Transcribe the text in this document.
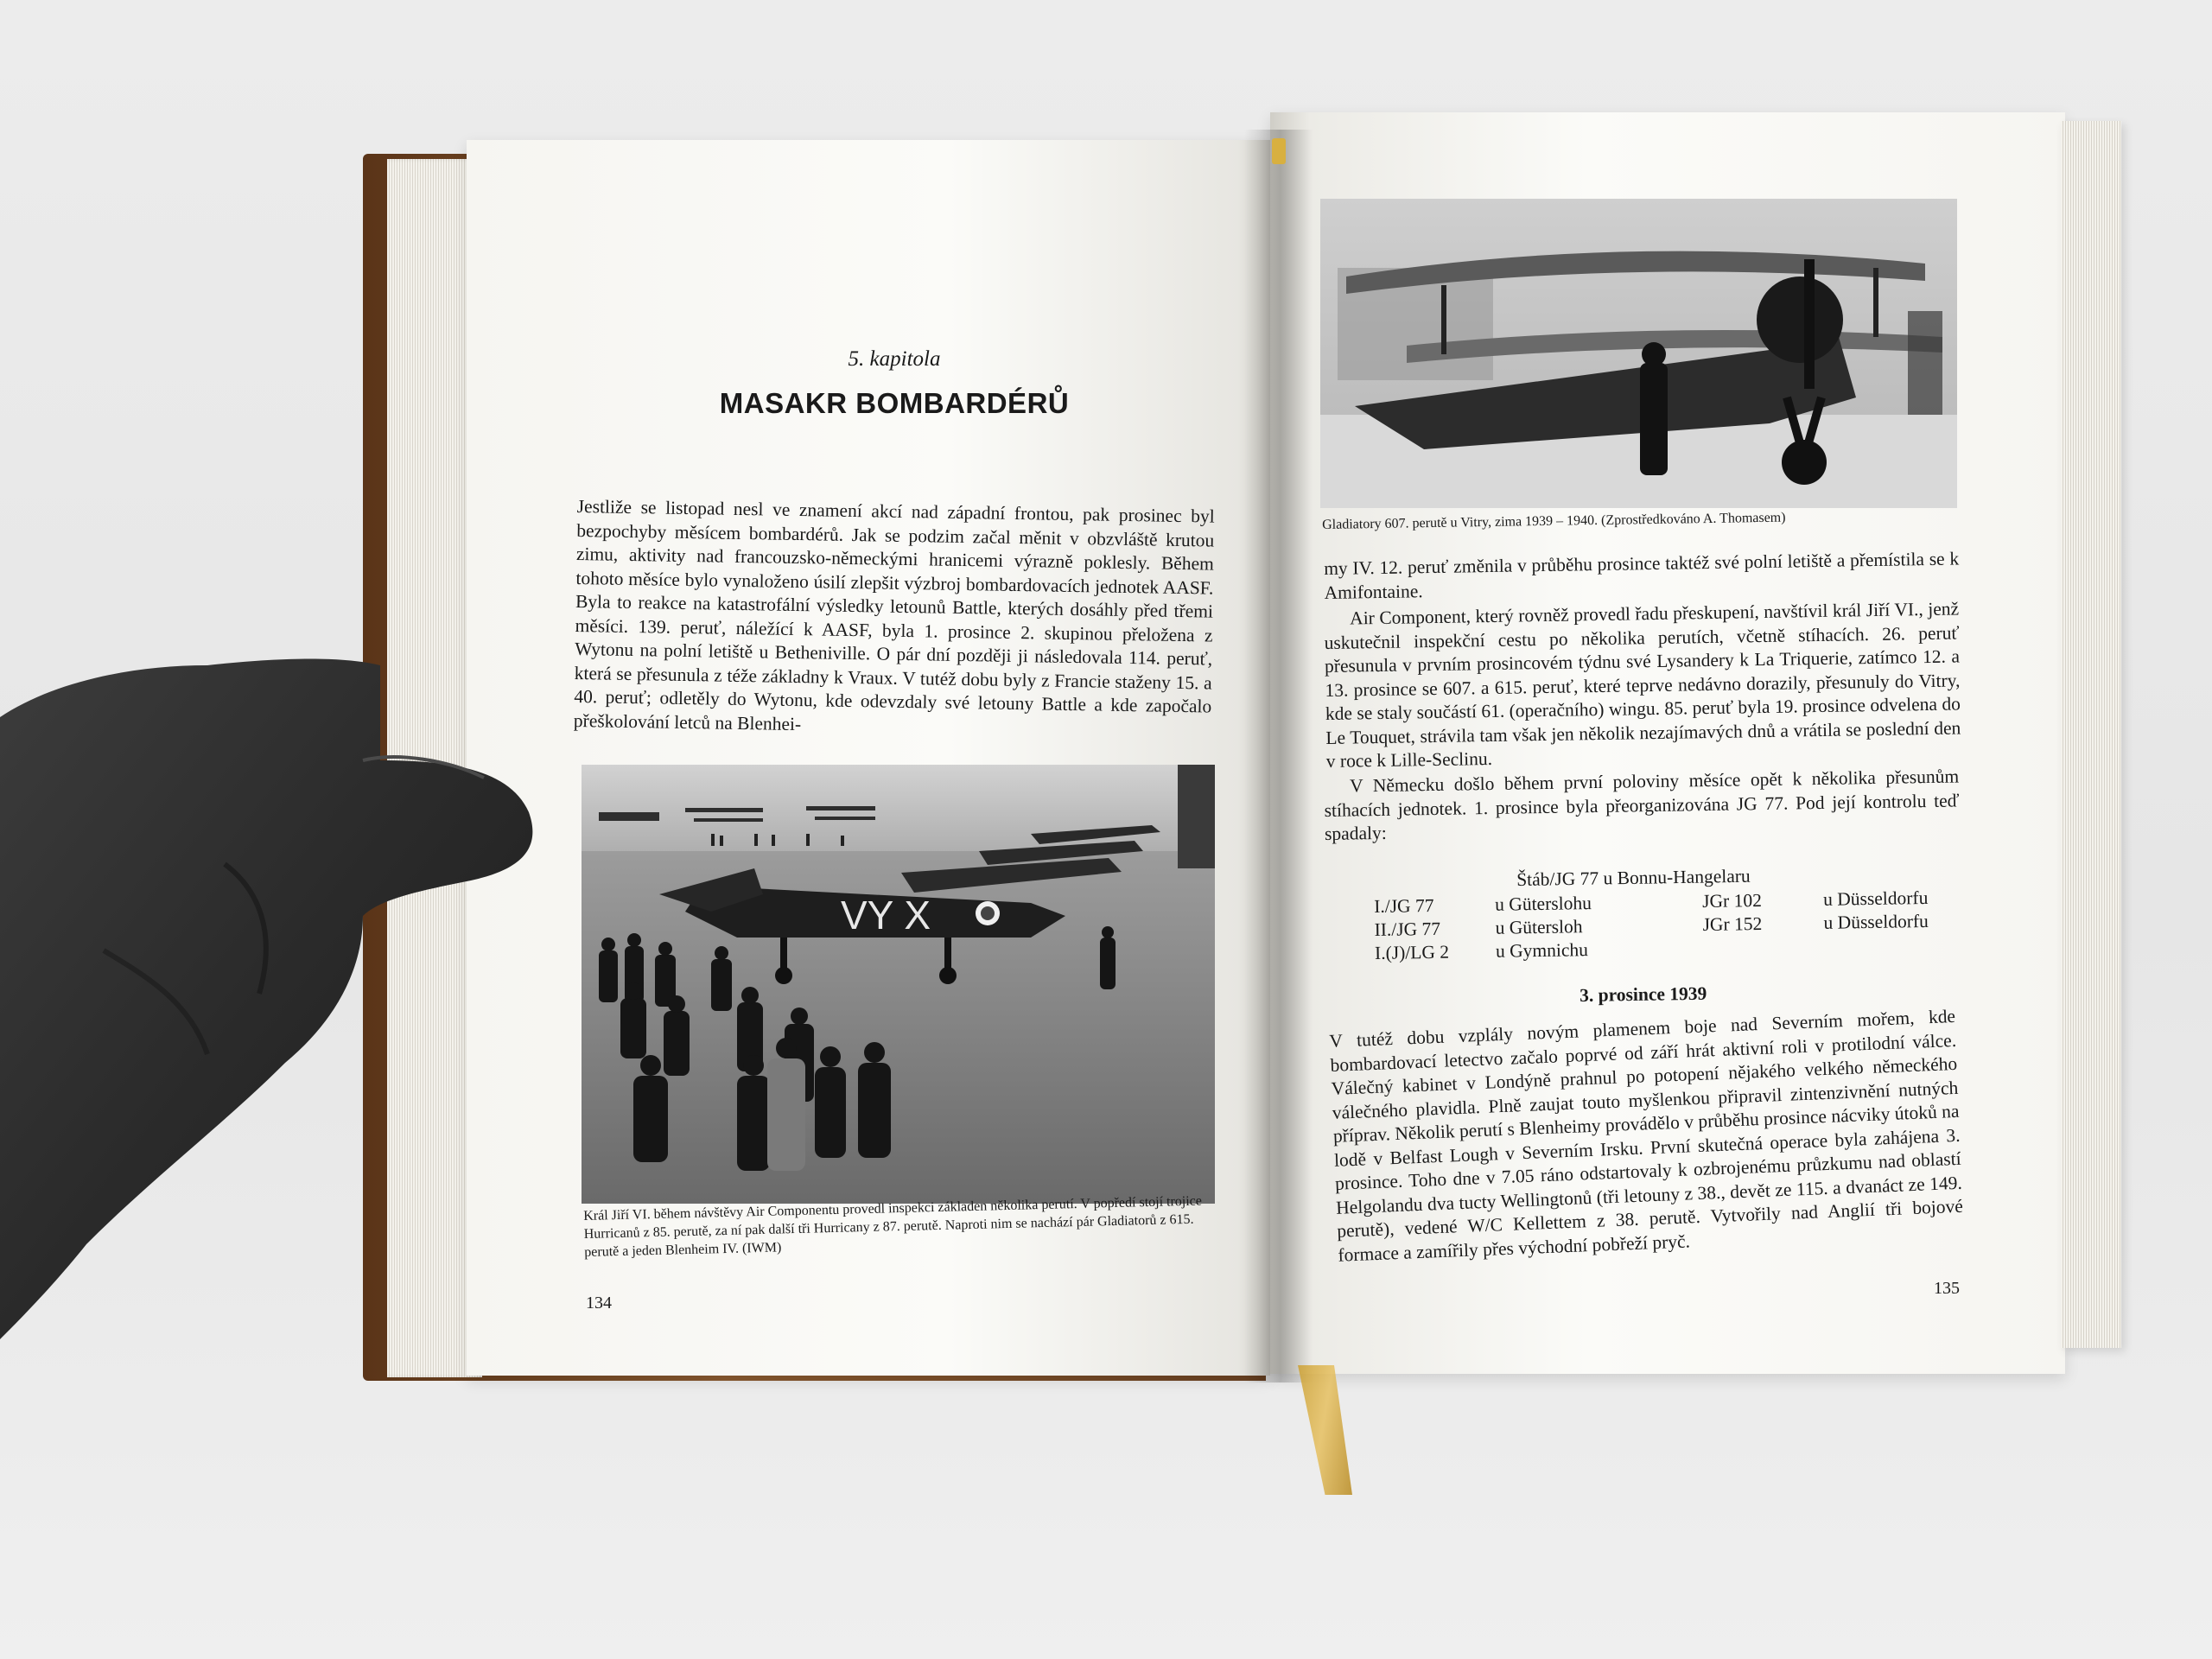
5. kapitola
MASAKR BOMBARDÉRŮ
Jestliže se listopad nesl ve znamení akcí nad západní frontou, pak prosinec byl bezpochyby měsícem bombardérů. Jak se podzim začal měnit v obzvláště krutou zimu, aktivity nad francouzsko-německými hranicemi výrazně poklesly. Během tohoto měsíce bylo vynaloženo úsilí zlepšit výzbroj bombardovacích jednotek AASF. Byla to reakce na katastrofální výsledky letounů Battle, kterých dosáhly před třemi měsíci. 139. peruť, náležící k AASF, byla 1. prosince 2. skupinou přeložena z Wytonu na polní letiště u Betheniville. O pár dní později ji následovala 114. peruť, která se přesunula z téže základny k Vraux. V tutéž dobu byly z Francie staženy 15. a 40. peruť; odletěly do Wytonu, kde odevzdaly své letouny Battle a kde započalo přeškolování letců na Blenhei-
VY X
Král Jiří VI. během návštěvy Air Componentu provedl inspekci základen několika perutí. V popředí stojí trojice Hurricanů z 85. perutě, za ní pak další tři Hurricany z 87. perutě. Naproti nim se nachází pár Gladiatorů z 615. perutě a jeden Blenheim IV. (IWM)
134
Gladiatory 607. perutě u Vitry, zima 1939 – 1940. (Zprostředkováno A. Thomasem)
my IV. 12. peruť změnila v průběhu prosince taktéž své polní letiště a přemístila se k Amifontaine.
Air Component, který rovněž provedl řadu přeskupení, navštívil král Jiří VI., jenž uskutečnil inspekční cestu po několika perutích, včetně stíhacích. 26. peruť přesunula v prvním prosincovém týdnu své Lysandery k La Triquerie, zatímco 12. a 13. prosince se 607. a 615. peruť, které teprve nedávno dorazily, přesunuly do Vitry, kde se staly součástí 61. (operačního) wingu. 85. peruť byla 19. prosince odvelena do Le Touquet, strávila tam však jen několik nezajímavých dnů a vrátila se poslední den v roce k Lille-Seclinu.
V Německu došlo během první poloviny měsíce opět k několika přesunům stíhacích jednotek. 1. prosince byla přeorganizována JG 77. Pod její kontrolu teď spadaly:
Štáb/JG 77 u Bonnu-Hangelaru
I./JG 77	u Güterslohu	JGr 102	u Düsseldorfu
II./JG 77	u Gütersloh	JGr 152	u Düsseldorfu
I.(J)/LG 2	u Gymnichu
3. prosince 1939
V tutéž dobu vzplály novým plamenem boje nad Severním mořem, kde bombardovací letectvo začalo poprvé od září hrát aktivní roli v protilodní válce. Válečný kabinet v Londýně prahnul po potopení nějakého velkého německého válečného plavidla. Plně zaujat touto myšlenkou připravil zintenzivnění nutných příprav. Několik perutí s Blenheimy provádělo v průběhu prosince nácviky útoků na lodě v Belfast Lough v Severním Irsku. První skutečná operace byla zahájena 3. prosince. Toho dne v 7.05 ráno odstartovaly k ozbrojenému průzkumu nad oblastí Helgolandu dva tucty Wellingtonů (tři letouny z 38., devět ze 115. a dvanáct ze 149. perutě), vedené W/C Kellettem z 38. perutě. Vytvořily nad Anglií tři bojové formace a zamířily přes východní pobřeží pryč.
135
